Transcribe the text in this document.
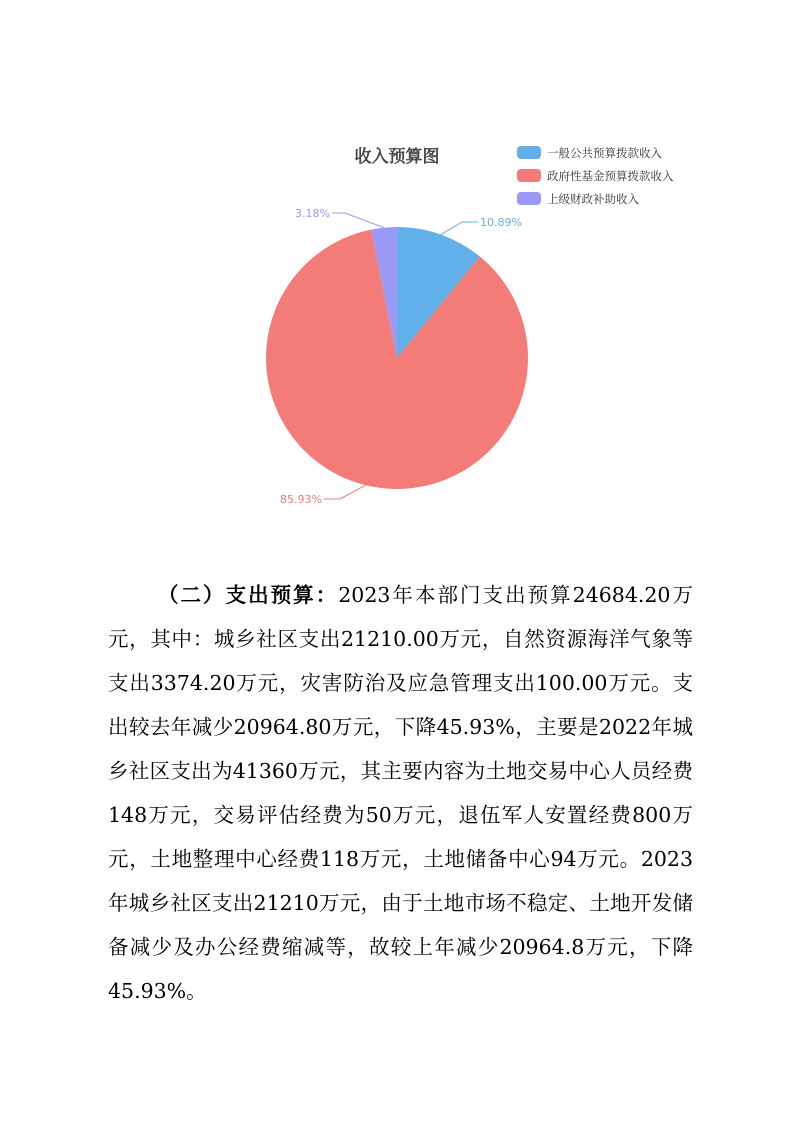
收入预算图
10.89%
85.93%
3.18%
一般公共预算拨款收入
政府性基金预算拨款收入
上级财政补助收入

（二）支出预算：2023年本部门支出预算24684.20万元，其中：城乡社区支出21210.00万元，自然资源海洋气象等支出3374.20万元，灾害防治及应急管理支出100.00万元。支出较去年减少20964.80万元，下降45.93%，主要是2022年城乡社区支出为41360万元，其主要内容为土地交易中心人员经费148万元，交易评估经费为50万元，退伍军人安置经费800万元，土地整理中心经费118万元，土地储备中心94万元。2023年城乡社区支出21210万元，由于土地市场不稳定、土地开发储备减少及办公经费缩减等，故较上年减少20964.8万元，下降45.93%。
